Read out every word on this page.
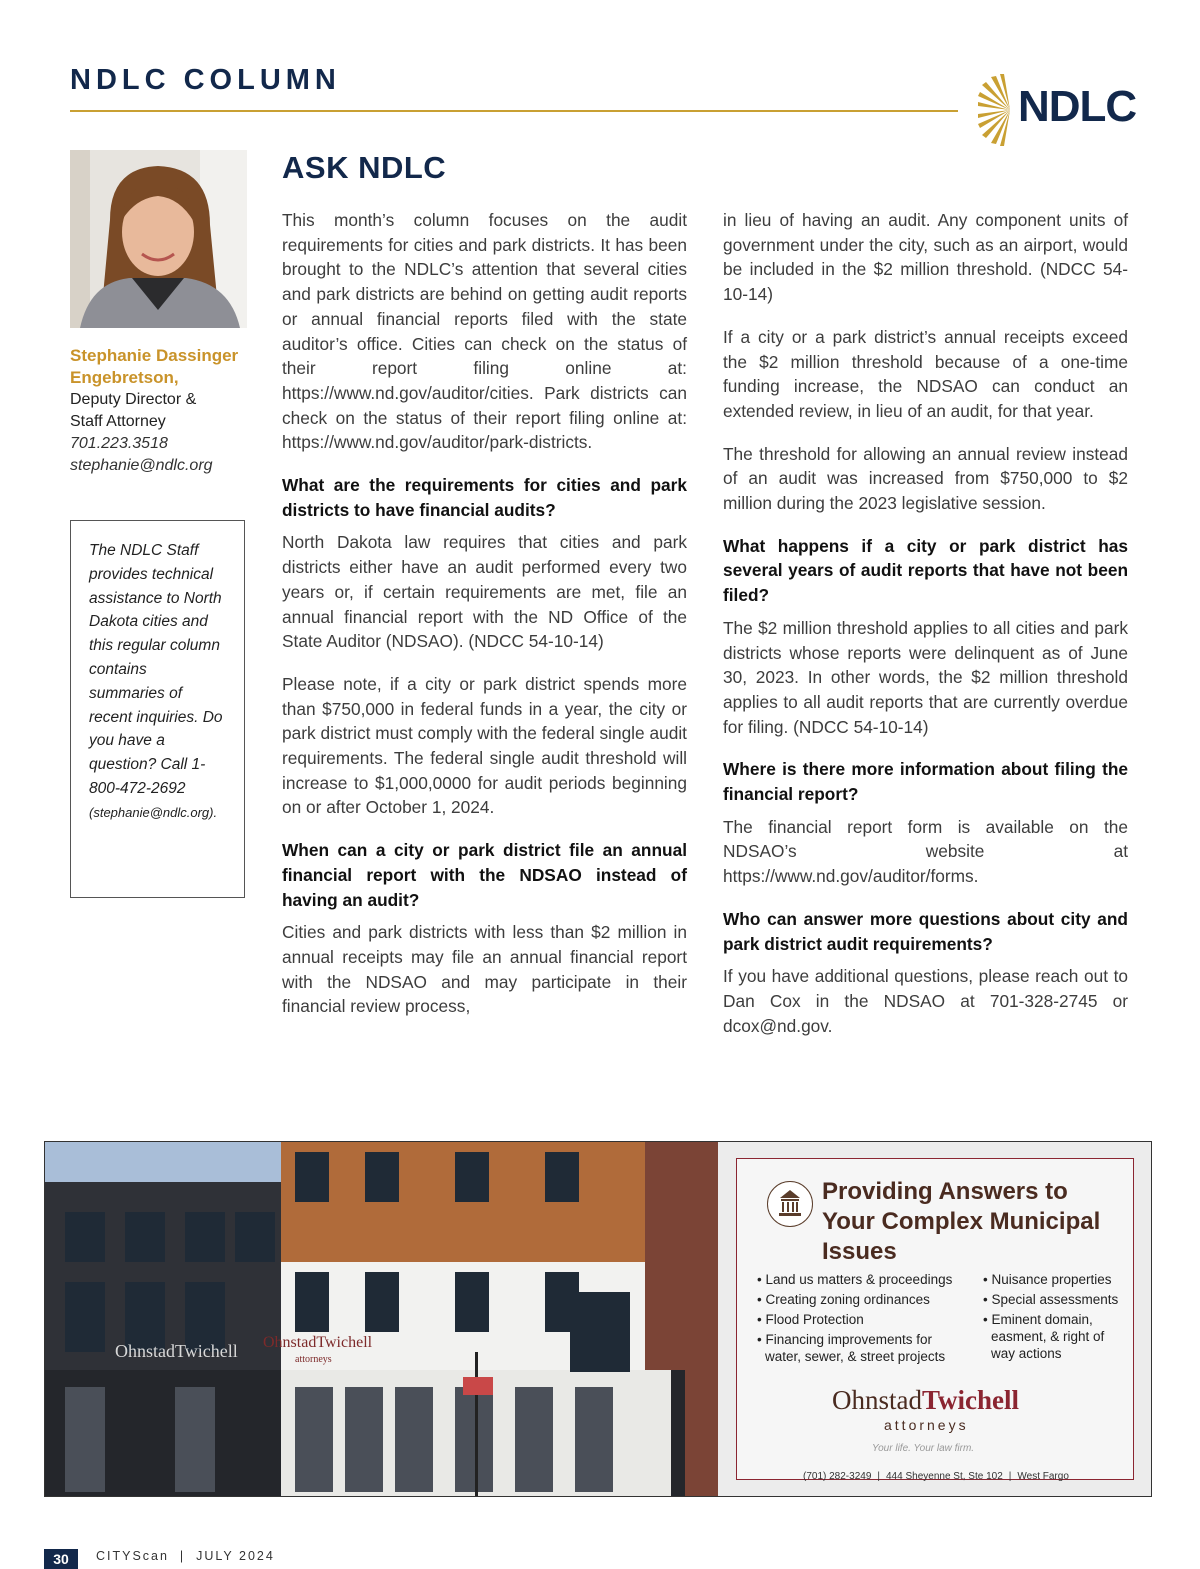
NDLC COLUMN
NDLC
Stephanie Dassinger Engebretson,
Deputy Director &
Staff Attorney
701.223.3518
stephanie@ndlc.org
The NDLC Staff provides technical assistance to North Dakota cities and this regular column contains summaries of recent inquiries. Do you have a question? Call 1-800-472-2692 (stephanie@ndlc.org).
ASK NDLC

This month’s column focuses on the audit requirements for cities and park districts. It has been brought to the NDLC’s attention that several cities and park districts are behind on getting audit reports or annual financial reports filed with the state auditor’s office. Cities can check on the status of their report filing online at: https://www.nd.gov/auditor/cities. Park districts can check on the status of their report filing online at: https://www.nd.gov/auditor/park-districts.

What are the requirements for cities and park districts to have financial audits?

North Dakota law requires that cities and park districts either have an audit performed every two years or, if certain requirements are met, file an annual financial report with the ND Office of the State Auditor (NDSAO). (NDCC 54-10-14)

Please note, if a city or park district spends more than $750,000 in federal funds in a year, the city or park district must comply with the federal single audit requirements. The federal single audit threshold will increase to $1,000,0000 for audit periods beginning on or after October 1, 2024.

When can a city or park district file an annual financial report with the NDSAO instead of having an audit?

Cities and park districts with less than $2 million in annual receipts may file an annual financial report with the NDSAO and may participate in their financial review process,

in lieu of having an audit. Any component units of government under the city, such as an airport, would be included in the $2 million threshold. (NDCC 54-10-14)

If a city or a park district’s annual receipts exceed the $2 million threshold because of a one-time funding increase, the NDSAO can conduct an extended review, in lieu of an audit, for that year.

The threshold for allowing an annual review instead of an audit was increased from $750,000 to $2 million during the 2023 legislative session.

What happens if a city or park district has several years of audit reports that have not been filed?

The $2 million threshold applies to all cities and park districts whose reports were delinquent as of June 30, 2023. In other words, the $2 million threshold applies to all audit reports that are currently overdue for filing. (NDCC 54-10-14)

Where is there more information about filing the financial report?

The financial report form is available on the NDSAO’s website at https://www.nd.gov/auditor/forms.

Who can answer more questions about city and park district audit requirements?

If you have additional questions, please reach out to Dan Cox in the NDSAO at 701-328-2745 or dcox@nd.gov.

OhnstadTwichell OhnstadTwichell
attorneys
Providing Answers to Your Complex Municipal Issues
• Land us matters & proceedings
• Creating zoning ordinances
• Flood Protection
• Financing improvements for water, sewer, & street projects
• Nuisance properties
• Special assessments
• Eminent domain, easment, & right of way actions
OhnstadTwichell
attorneys
Your life. Your law firm.
(701) 282-3249 | 444 Sheyenne St, Ste 102 | West Fargo
30	CITYScan  |  JULY 2024
